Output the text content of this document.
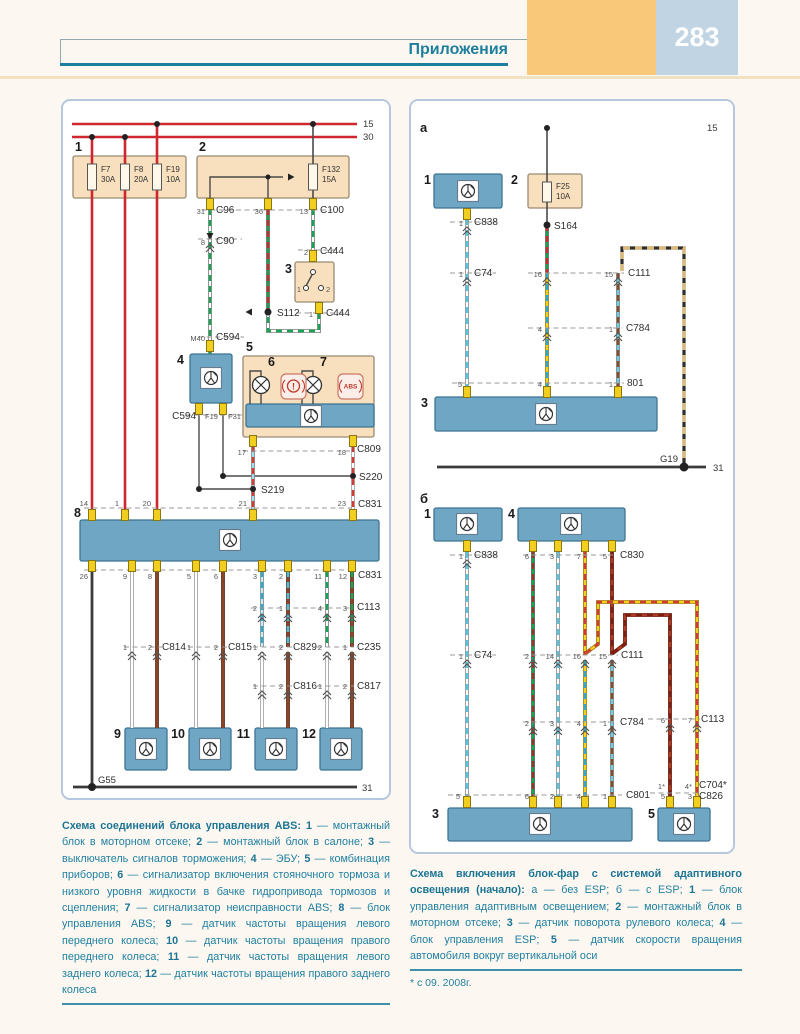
Приложения	283
!	ABS
15
30
31
1	2
3
4
5
6	7
8
9	10	11	12
F7
30A
F8
20A
F19
10A
F132
15A
31 C96	36	13 C100
8 C90
2 C444
1	2
S112 1 C444
M40 C594
C594 F19 F31
S219
S220
17	18 C809
14	1	20	21	23 C831
26	9	8	5	6	3	2	11 12 C831
2	1	4	3 C113
1	2 C814 1	2 C815 1	2 C829 2	1 C235
1	2 C816 1	2 C817
G55
а
б
15
31
1	2
3
1	4
3	5
F25
10A
S164
1 C838
1 C74	16	15 C111
4	1 C784
5	4	1 801
G19
1 C838	6	3	7	5 C830
1 C74	2 14 16 15 C111
6	7 C113
2	3	4	1 C784
1*	4* C704*
5	3 C826
5	6	2	4	1 C801

Схема соединений блока управления ABS: 1 — монтажный блок в моторном отсеке; 2 — монтажный блок в салоне; 3 — выключатель сигналов торможения; 4 — ЭБУ; 5 — комбинация приборов; 6 — сигнализатор включения стояночного тормоза и низкого уровня жидкости в бачке гидропривода тормозов и сцепления; 7 — сигнализатор неисправности ABS; 8 — блок управления ABS; 9 — датчик частоты вращения левого переднего колеса; 10 — датчик частоты вращения правого переднего колеса; 11 — датчик частоты вращения левого заднего колеса; 12 — датчик частоты вращения правого заднего колеса

Схема включения блок-фар с системой адаптивного освещения (начало): а — без ESP; б — с ESP; 1 — блок управления адаптивным освещением; 2 — монтажный блок в моторном отсеке; 3 — датчик поворота рулевого колеса; 4 — блок управления ESP; 5 — датчик скорости вращения автомобиля вокруг вертикальной оси

* с 09. 2008г.
